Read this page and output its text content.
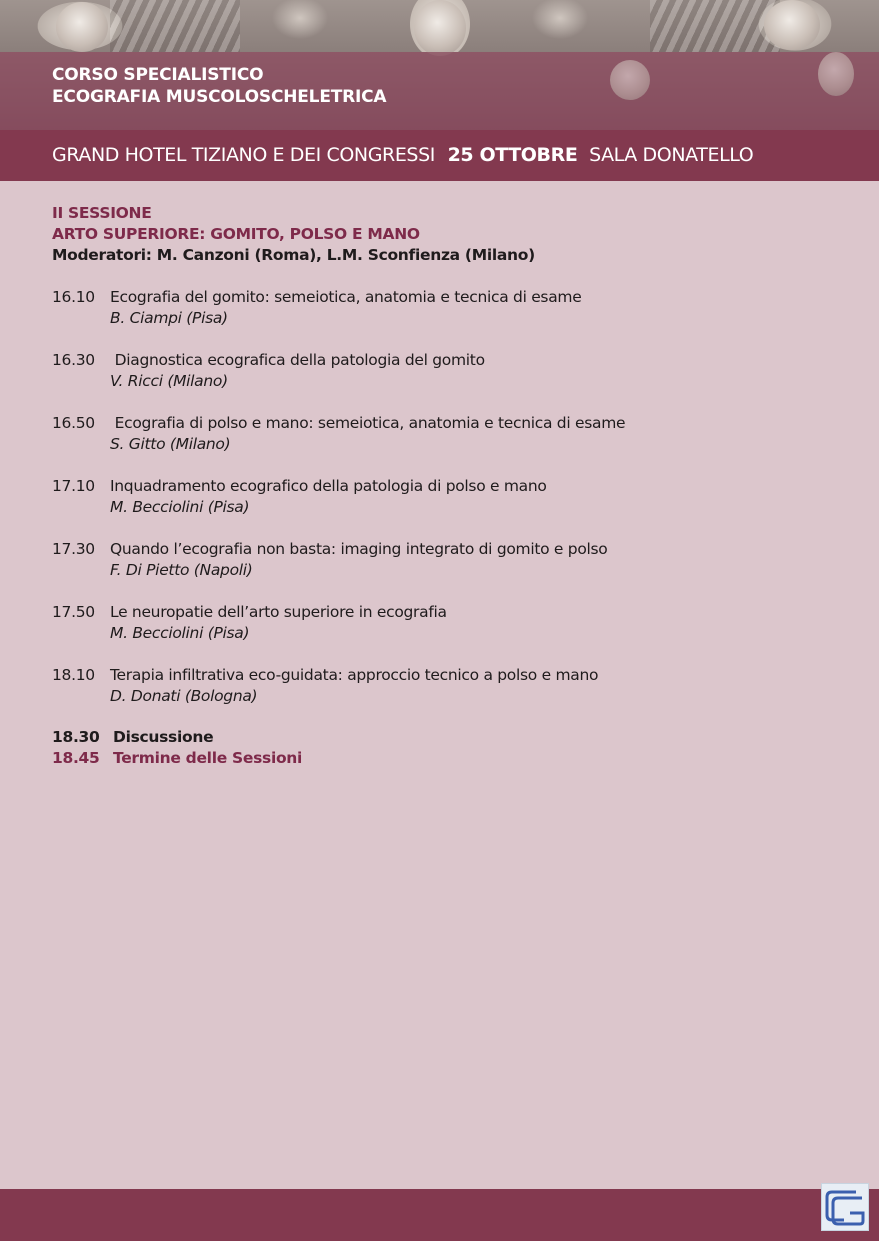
CORSO SPECIALISTICO
ECOGRAFIA MUSCOLOSCHELETRICA
GRAND HOTEL TIZIANO E DEI CONGRESSI 25 OTTOBRE SALA DONATELLO
II SESSIONE
ARTO SUPERIORE: GOMITO, POLSO E MANO
Moderatori: M. Canzoni (Roma), L.M. Sconfienza (Milano)
16.10 Ecografia del gomito: semeiotica, anatomia e tecnica di esame
B. Ciampi (Pisa)
16.30 Diagnostica ecografica della patologia del gomito
V. Ricci (Milano)
16.50 Ecografia di polso e mano: semeiotica, anatomia e tecnica di esame
S. Gitto (Milano)
17.10 Inquadramento ecografico della patologia di polso e mano
M. Becciolini (Pisa)
17.30 Quando l’ecografia non basta: imaging integrato di gomito e polso
F. Di Pietto (Napoli)
17.50 Le neuropatie dell’arto superiore in ecografia
M. Becciolini (Pisa)
18.10 Terapia infiltrativa eco-guidata: approccio tecnico a polso e mano
D. Donati (Bologna)
18.30 Discussione
18.45 Termine delle Sessioni
